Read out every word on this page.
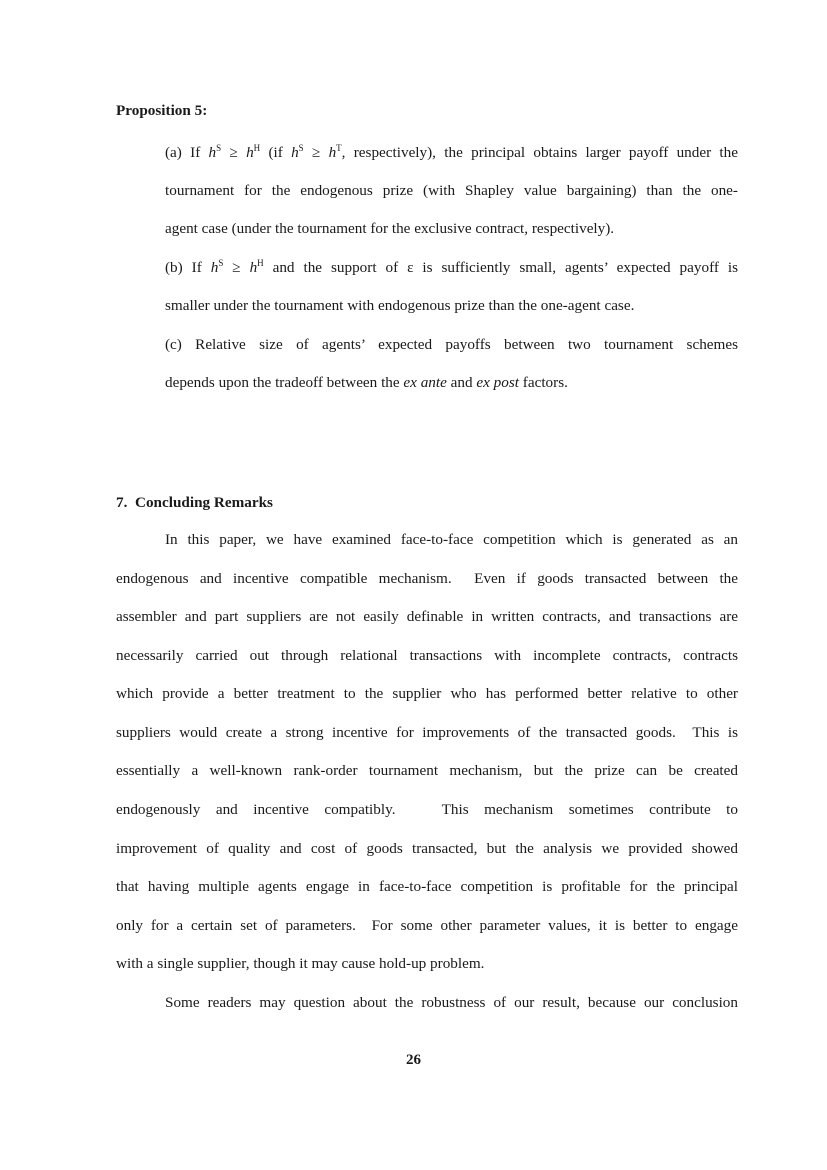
Proposition 5:
(a) If $h^S \ge h^H$ (if $h^S \ge h^T$, respectively), the principal obtains larger payoff under the
tournament for the endogenous prize (with Shapley value bargaining) than the one-
agent case (under the tournament for the exclusive contract, respectively).
(b) If $h^S \ge h^H$ and the support of ε is sufficiently small, agents’ expected payoff is
smaller under the tournament with endogenous prize than the one-agent case.
(c) Relative size of agents’ expected payoffs between two tournament schemes
depends upon the tradeoff between the ex ante and ex post factors.
7.  Concluding Remarks
In this paper, we have examined face-to-face competition which is generated as an
endogenous and incentive compatible mechanism.  Even if goods transacted between the
assembler and part suppliers are not easily definable in written contracts, and transactions are
necessarily carried out through relational transactions with incomplete contracts, contracts
which provide a better treatment to the supplier who has performed better relative to other
suppliers would create a strong incentive for improvements of the transacted goods.  This is
essentially a well-known rank-order tournament mechanism, but the prize can be created
endogenously and incentive compatibly.   This mechanism sometimes contribute to
improvement of quality and cost of goods transacted, but the analysis we provided showed
that having multiple agents engage in face-to-face competition is profitable for the principal
only for a certain set of parameters.  For some other parameter values, it is better to engage
with a single supplier, though it may cause hold-up problem.
Some readers may question about the robustness of our result, because our conclusion
26
